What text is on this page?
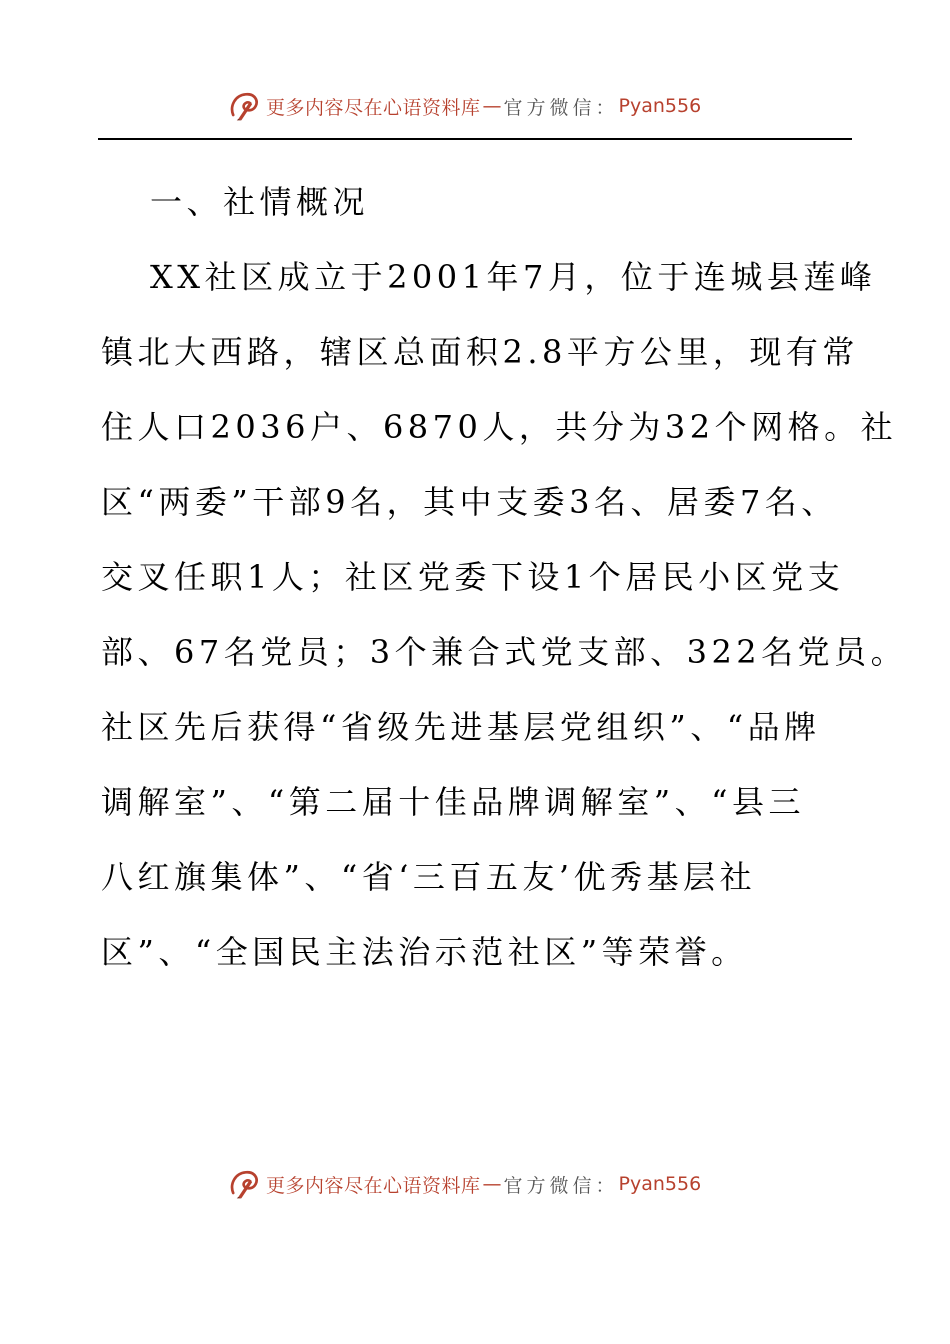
更多内容尽在心语资料库 — 官方微信： Pyan556
一、社情概况
XX社区成立于2001年7月，位于连城县莲峰
镇北大西路，辖区总面积2.8平方公里，现有常
住人口2036户、6870人，共分为32个网格。社
区“两委”干部9名，其中支委3名、居委7名、
交叉任职1人；社区党委下设1个居民小区党支
部、67名党员；3个兼合式党支部、322名党员。
社区先后获得“省级先进基层党组织”、“品牌
调解室”、“第二届十佳品牌调解室”、“县三
八红旗集体”、“省‘三百五友’优秀基层社
区”、“全国民主法治示范社区”等荣誉。
更多内容尽在心语资料库 — 官方微信： Pyan556
